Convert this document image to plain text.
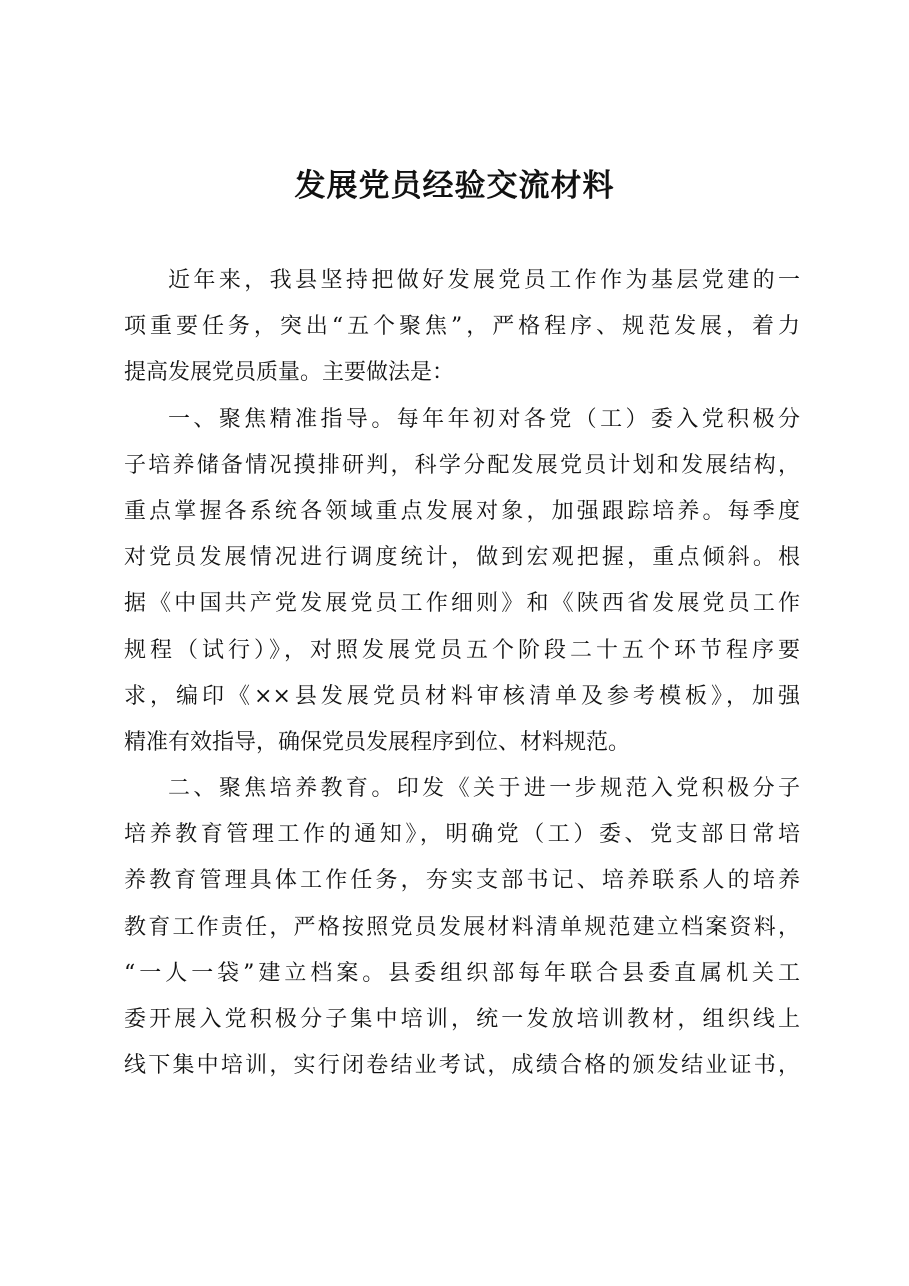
发展党员经验交流材料
近年来，我县坚持把做好发展党员工作作为基层党建的一
项重要任务，突出“五个聚焦”，严格程序、规范发展，着力
提高发展党员质量。主要做法是：
一、聚焦精准指导。每年年初对各党（工）委入党积极分
子培养储备情况摸排研判，科学分配发展党员计划和发展结构，
重点掌握各系统各领域重点发展对象，加强跟踪培养。每季度
对党员发展情况进行调度统计，做到宏观把握，重点倾斜。根
据《中国共产党发展党员工作细则》和《陕西省发展党员工作
规程（试行）》，对照发展党员五个阶段二十五个环节程序要
求，编印《××县发展党员材料审核清单及参考模板》，加强
精准有效指导，确保党员发展程序到位、材料规范。
二、聚焦培养教育。印发《关于进一步规范入党积极分子
培养教育管理工作的通知》，明确党（工）委、党支部日常培
养教育管理具体工作任务，夯实支部书记、培养联系人的培养
教育工作责任，严格按照党员发展材料清单规范建立档案资料，
“一人一袋”建立档案。县委组织部每年联合县委直属机关工
委开展入党积极分子集中培训，统一发放培训教材，组织线上
线下集中培训，实行闭卷结业考试，成绩合格的颁发结业证书，
